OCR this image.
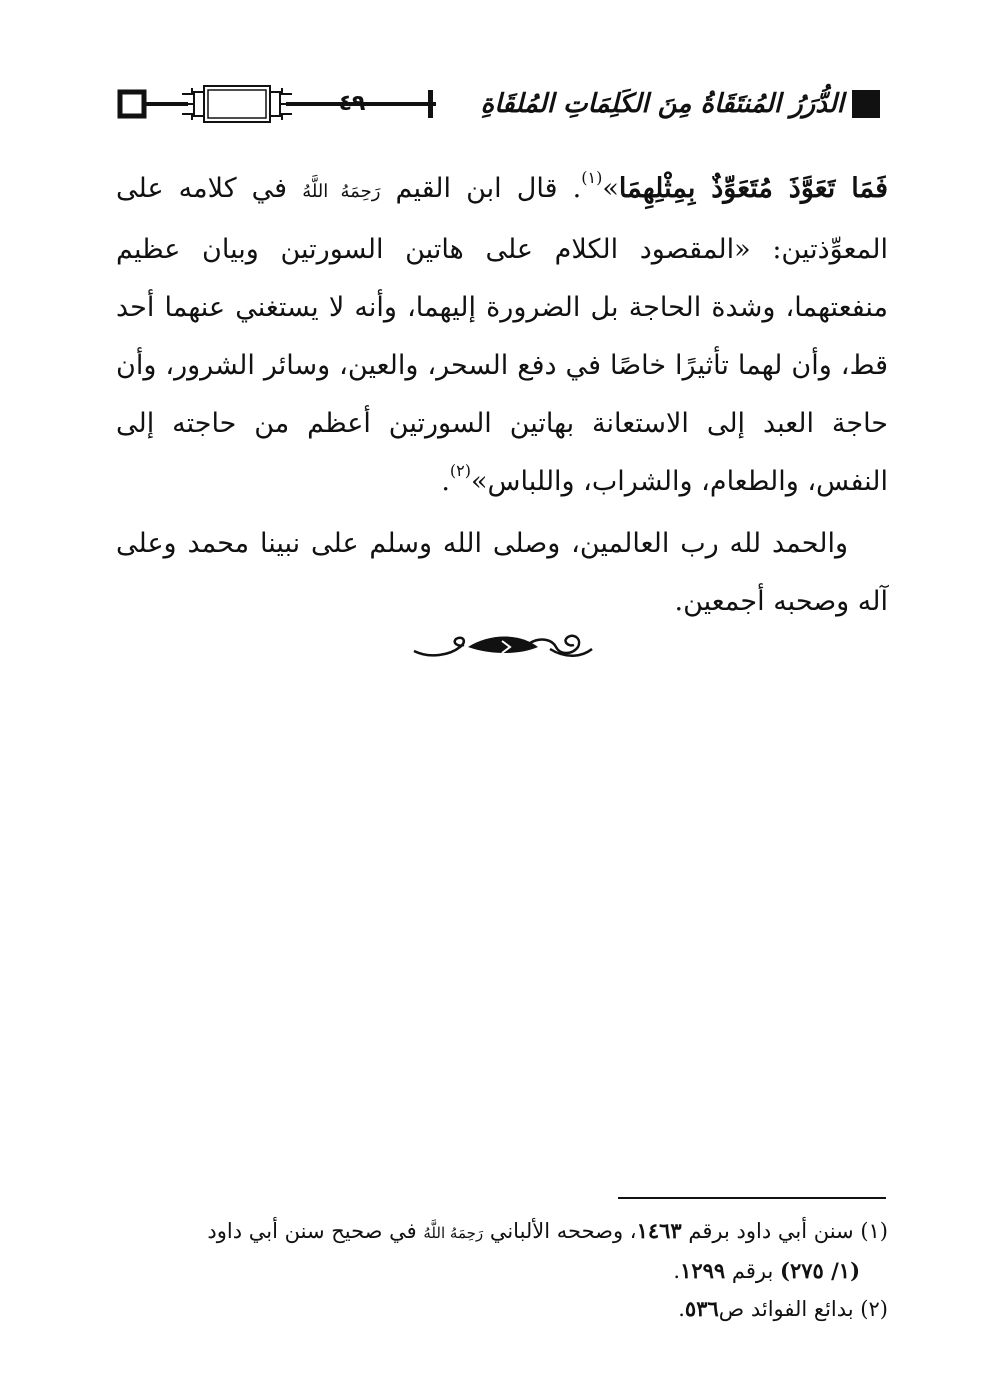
الدُّرَرُ المُنتَقَاةُ مِنَ الكَلِمَاتِ المُلقَاةِ
٤٩

فَمَا تَعَوَّذَ مُتَعَوِّذٌ بِمِثْلِهِمَا»$^{(١)}$. قال ابن القيم رَحِمَهُ اللَّهُ في كلامه على المعوِّذتين: «المقصود الكلام على هاتين السورتين وبيان عظيم منفعتهما، وشدة الحاجة بل الضرورة إليهما، وأنه لا يستغني عنهما أحد قط، وأن لهما تأثيرًا خاصًا في دفع السحر، والعين، وسائر الشرور، وأن حاجة العبد إلى الاستعانة بهاتين السورتين أعظم من حاجته إلى النفس، والطعام، والشراب، واللباس»$^{(٢)}$.

والحمد لله رب العالمين، وصلى الله وسلم على نبينا محمد وعلى آله وصحبه أجمعين.

(١) سنن أبي داود برقم ١٤٦٣، وصححه الألباني رَحِمَهُ اللَّهُ في صحيح سنن أبي داود

(١/ ٢٧٥) برقم ١٢٩٩.

(٢) بدائع الفوائد ص٥٣٦.
